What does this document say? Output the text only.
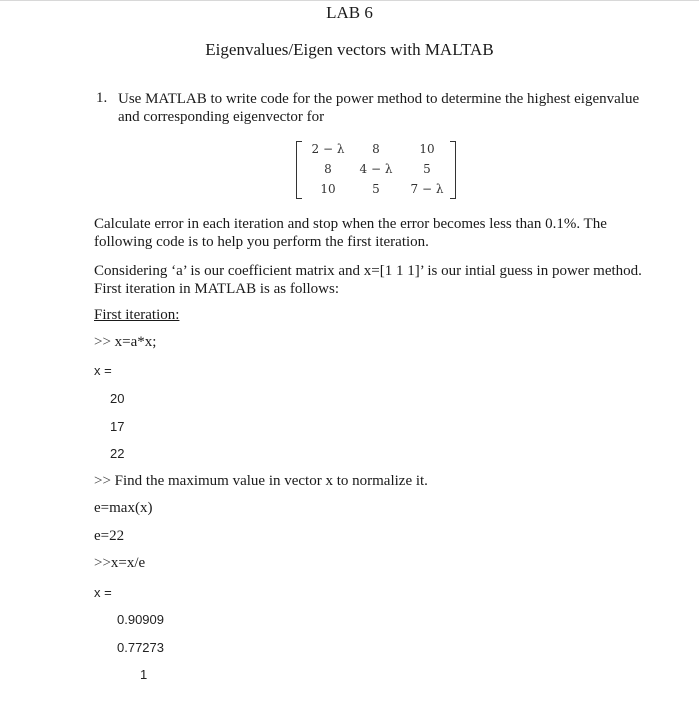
LAB 6
Eigenvalues/Eigen vectors with MALTAB
1. Use MATLAB to write code for the power method to determine the highest eigenvalue and corresponding eigenvector for
2 − λ	8	10
8	4 − λ	5
10	5	7 − λ
Calculate error in each iteration and stop when the error becomes less than 0.1%. The following code is to help you perform the first iteration.
Considering ‘a’ is our coefficient matrix and x=[1 1 1]’ is our intial guess in power method. First iteration in MATLAB is as follows:
First iteration:
>> x=a*x;
x =
20
17
22
>> Find the maximum value in vector x to normalize it.
e=max(x)
e=22
>>x=x/e
x =
0.90909
0.77273
1
